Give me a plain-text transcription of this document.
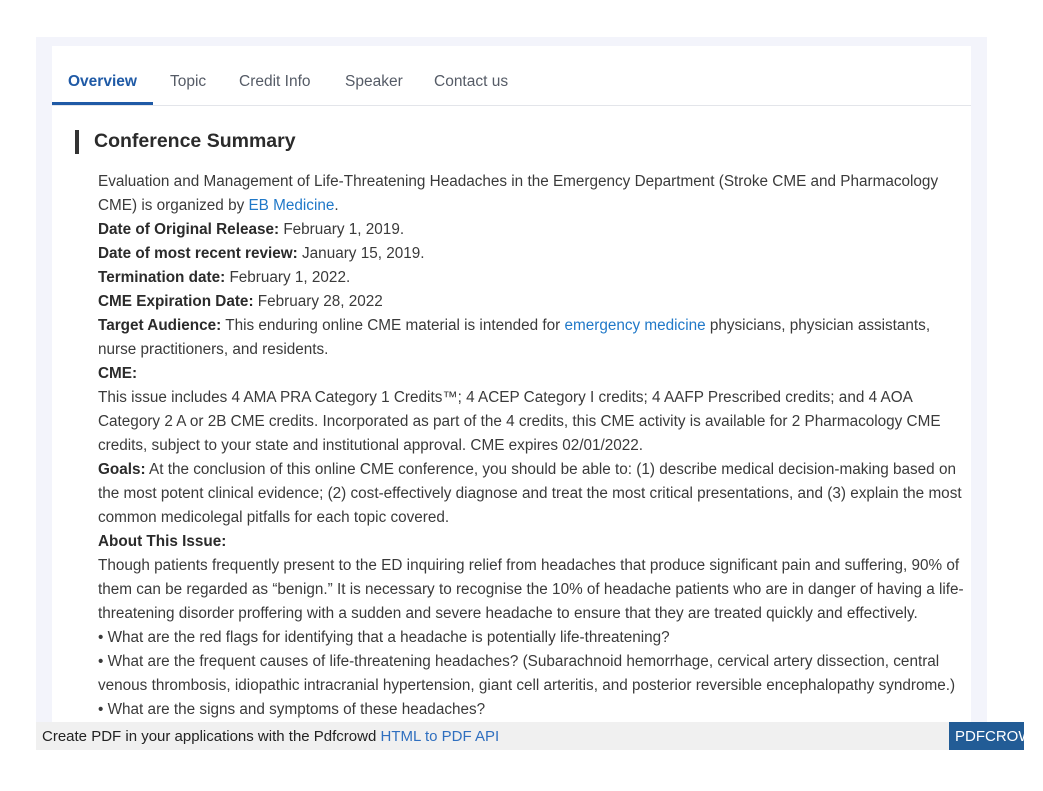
Overview Topic Credit Info Speaker Contact us
Conference Summary

Evaluation and Management of Life-Threatening Headaches in the Emergency Department (Stroke CME and Pharmacology CME) is organized by EB Medicine.

Date of Original Release: February 1, 2019.

Date of most recent review: January 15, 2019.

Termination date: February 1, 2022.

CME Expiration Date: February 28, 2022

Target Audience: This enduring online CME material is intended for emergency medicine physicians, physician assistants, nurse practitioners, and residents.

CME:

This issue includes 4 AMA PRA Category 1 Credits™; 4 ACEP Category I credits; 4 AAFP Prescribed credits; and 4 AOA Category 2 A or 2B CME credits. Incorporated as part of the 4 credits, this CME activity is available for 2 Pharmacology CME credits, subject to your state and institutional approval. CME expires 02/01/2022.

Goals: At the conclusion of this online CME conference, you should be able to: (1) describe medical decision-making based on the most potent clinical evidence; (2) cost-effectively diagnose and treat the most critical presentations, and (3) explain the most common medicolegal pitfalls for each topic covered.

About This Issue:

Though patients frequently present to the ED inquiring relief from headaches that produce significant pain and suffering, 90% of them can be regarded as “benign.” It is necessary to recognise the 10% of headache patients who are in danger of having a life-threatening disorder proffering with a sudden and severe headache to ensure that they are treated quickly and effectively.

• What are the red flags for identifying that a headache is potentially life-threatening?

• What are the frequent causes of life-threatening headaches? (Subarachnoid hemorrhage, cervical artery dissection, central venous thrombosis, idiopathic intracranial hypertension, giant cell arteritis, and posterior reversible encephalopathy syndrome.)

• What are the signs and symptoms of these headaches?

Create PDF in your applications with the Pdfcrowd HTML to PDF API	PDFCROWD
